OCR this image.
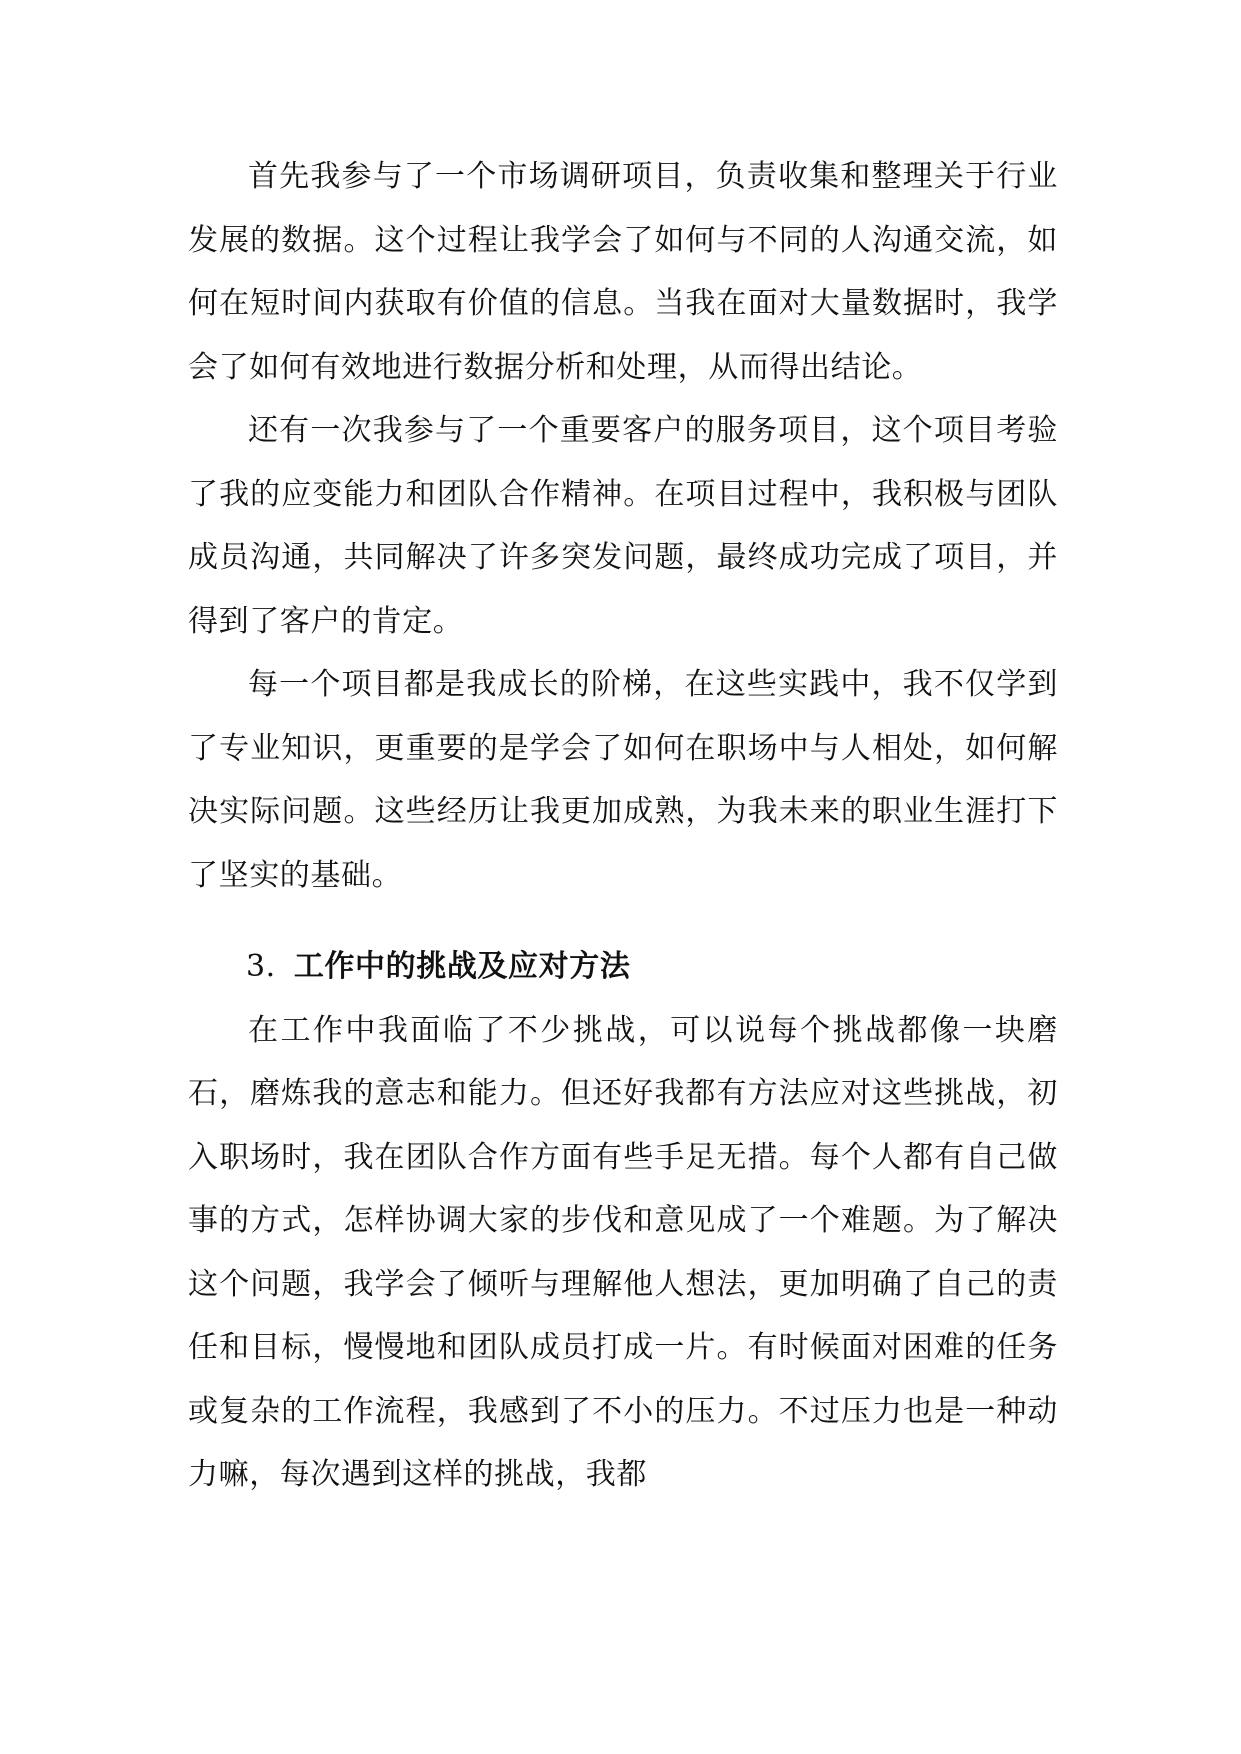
首先我参与了一个市场调研项目，负责收集和整理关于行业发展的数据。这个过程让我学会了如何与不同的人沟通交流，如何在短时间内获取有价值的信息。当我在面对大量数据时，我学会了如何有效地进行数据分析和处理，从而得出结论。

还有一次我参与了一个重要客户的服务项目，这个项目考验了我的应变能力和团队合作精神。在项目过程中，我积极与团队成员沟通，共同解决了许多突发问题，最终成功完成了项目，并得到了客户的肯定。

每一个项目都是我成长的阶梯，在这些实践中，我不仅学到了专业知识，更重要的是学会了如何在职场中与人相处，如何解决实际问题。这些经历让我更加成熟，为我未来的职业生涯打下了坚实的基础。

3. 工作中的挑战及应对方法

在工作中我面临了不少挑战，可以说每个挑战都像一块磨石，磨炼我的意志和能力。但还好我都有方法应对这些挑战，初入职场时，我在团队合作方面有些手足无措。每个人都有自己做事的方式，怎样协调大家的步伐和意见成了一个难题。为了解决这个问题，我学会了倾听与理解他人想法，更加明确了自己的责任和目标，慢慢地和团队成员打成一片。有时候面对困难的任务或复杂的工作流程，我感到了不小的压力。不过压力也是一种动力嘛，每次遇到这样的挑战，我都
